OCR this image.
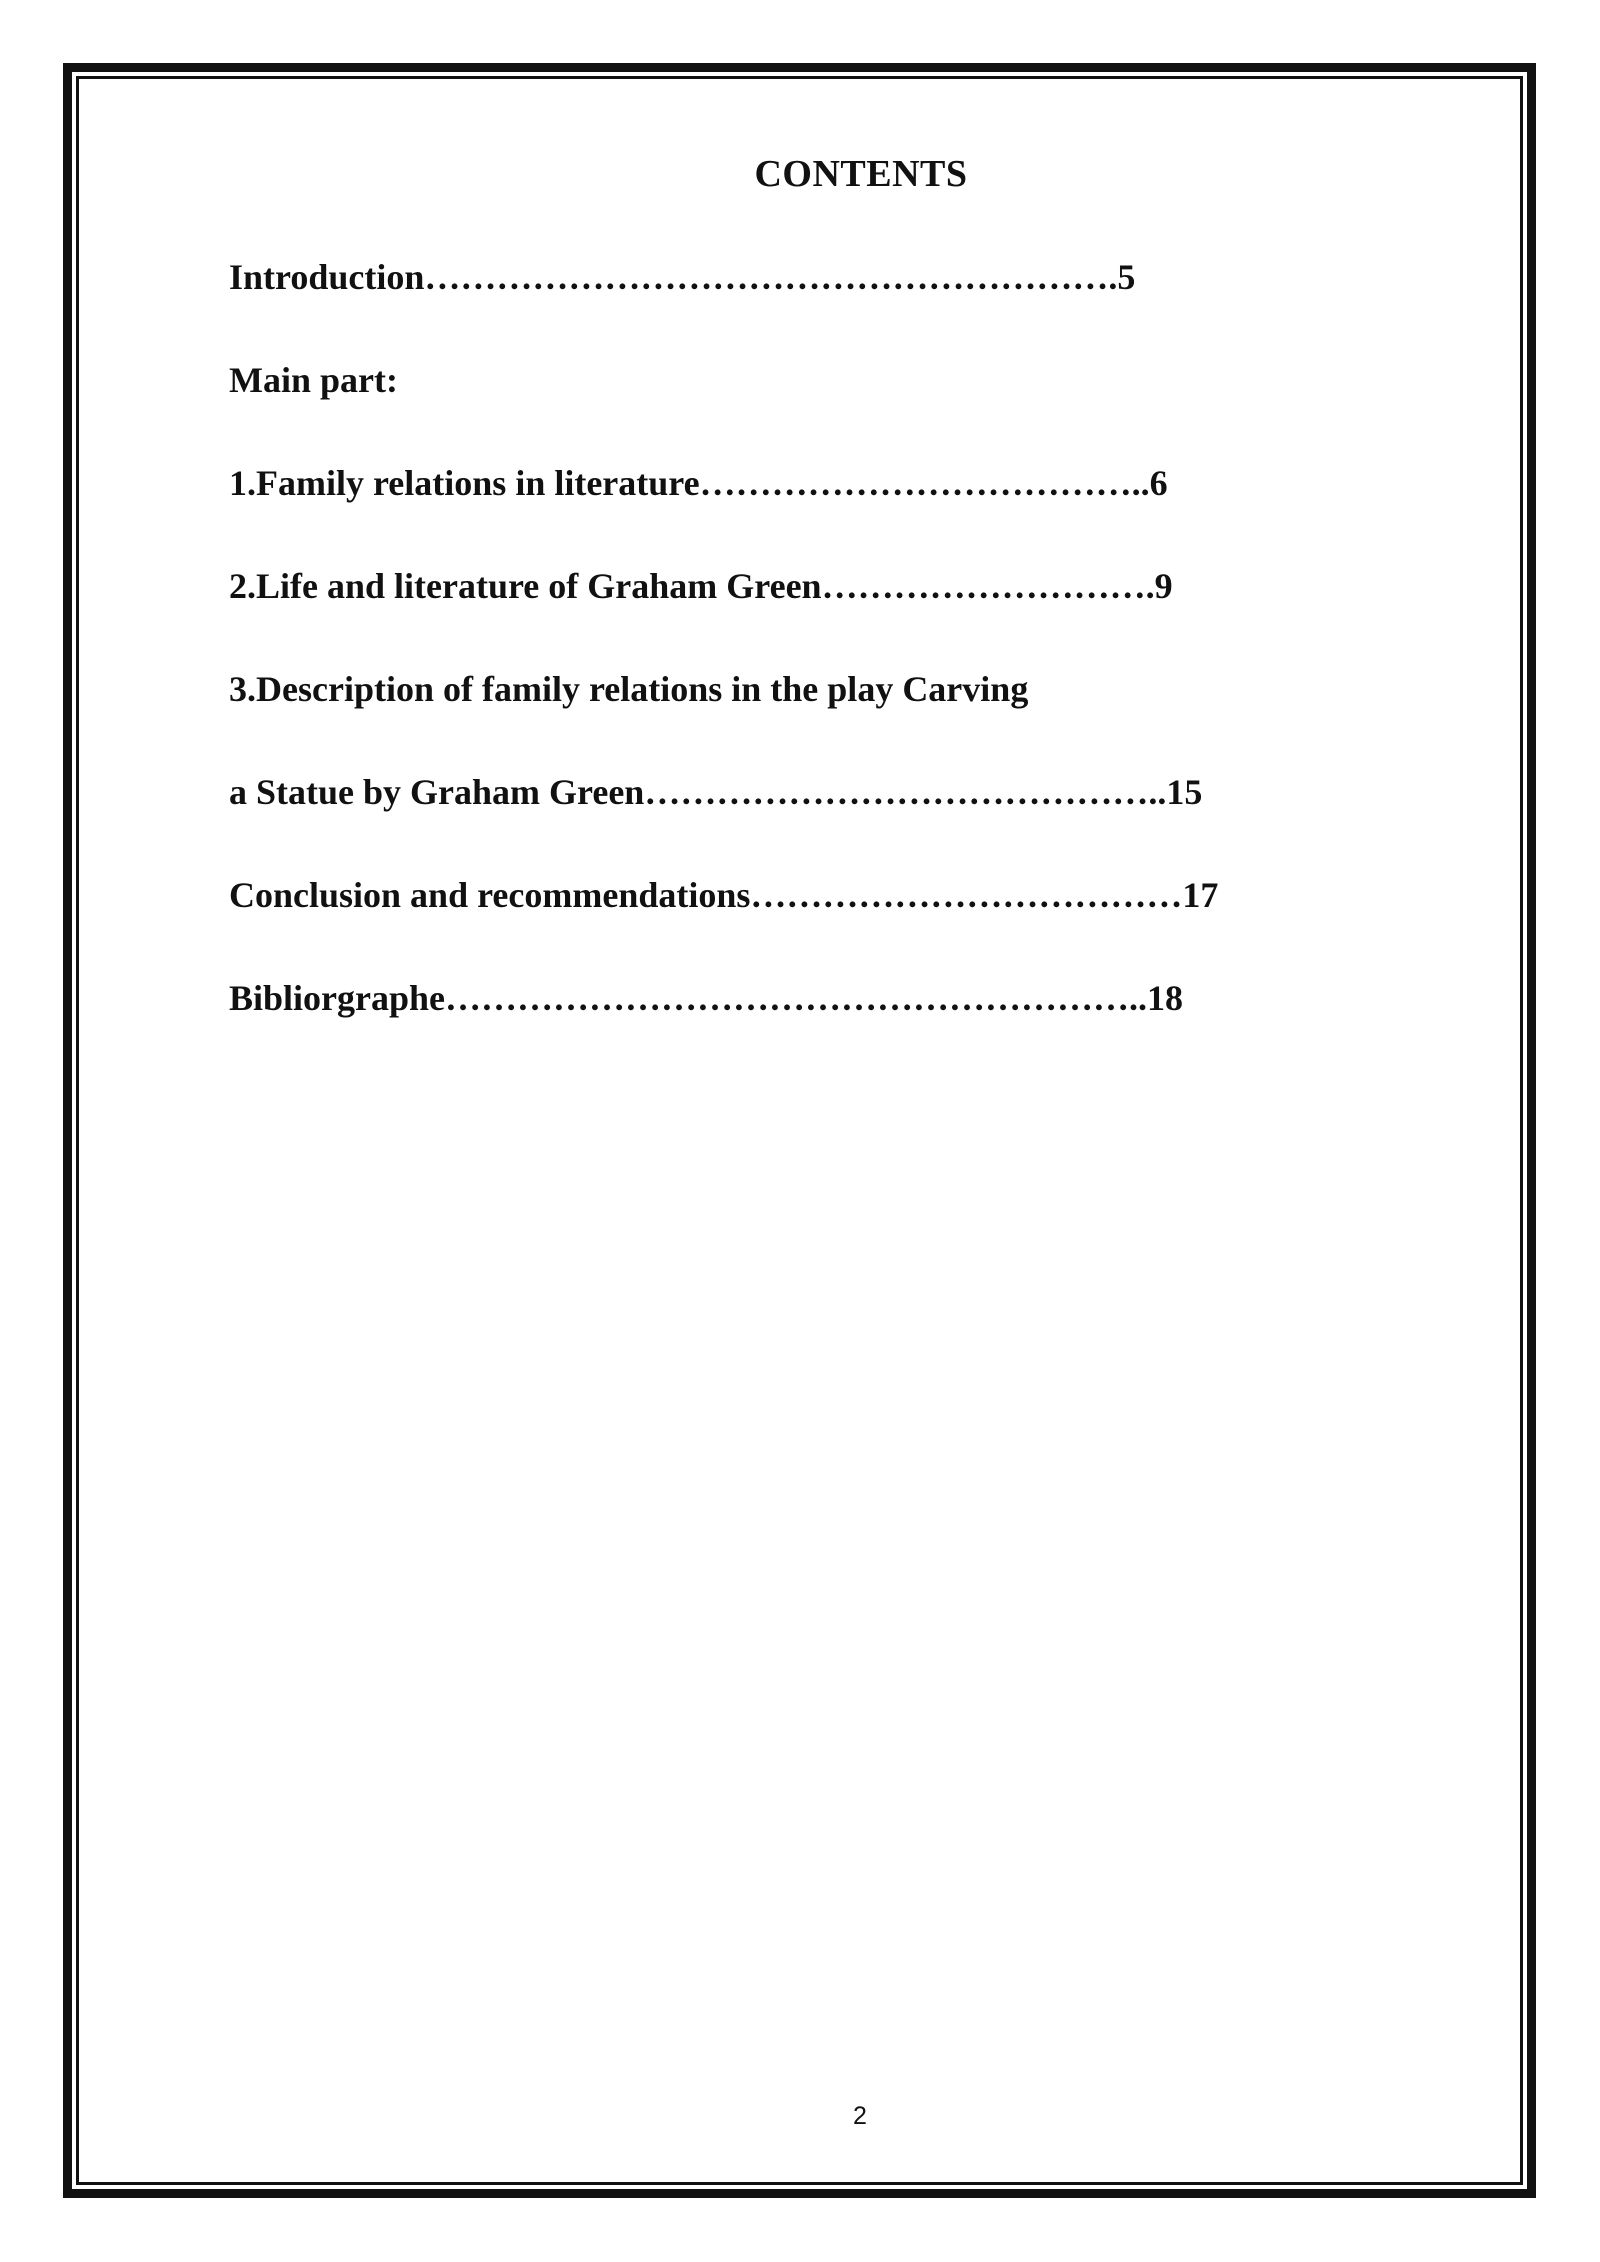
CONTENTS
Introduction………………………………………………….5
Main part:
1.Family relations in literature………………………………..6
2.Life and literature of Graham Green……………………….9
3.Description of family relations in the play Carving
a Statue by Graham Green……………………………………..15
Conclusion and recommendations………………………………17
Bibliorgraphe…………………………………………………..18
2
